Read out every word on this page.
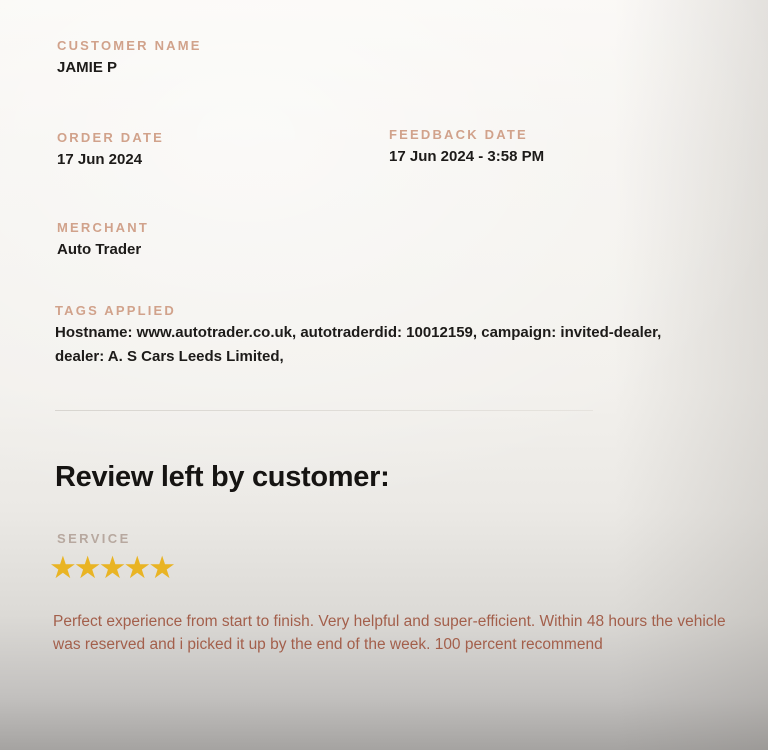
CUSTOMER NAME
JAMIE P
ORDER DATE
17 Jun 2024
FEEDBACK DATE
17 Jun 2024 - 3:58 PM
MERCHANT
Auto Trader
TAGS APPLIED
Hostname: www.autotrader.co.uk, autotraderdid: 10012159, campaign: invited-dealer, dealer: A. S Cars Leeds Limited,
Review left by customer:
SERVICE
★★★★★
Perfect experience from start to finish. Very helpful and super-efficient. Within 48 hours the vehicle was reserved and i picked it up by the end of the week. 100 percent recommend
